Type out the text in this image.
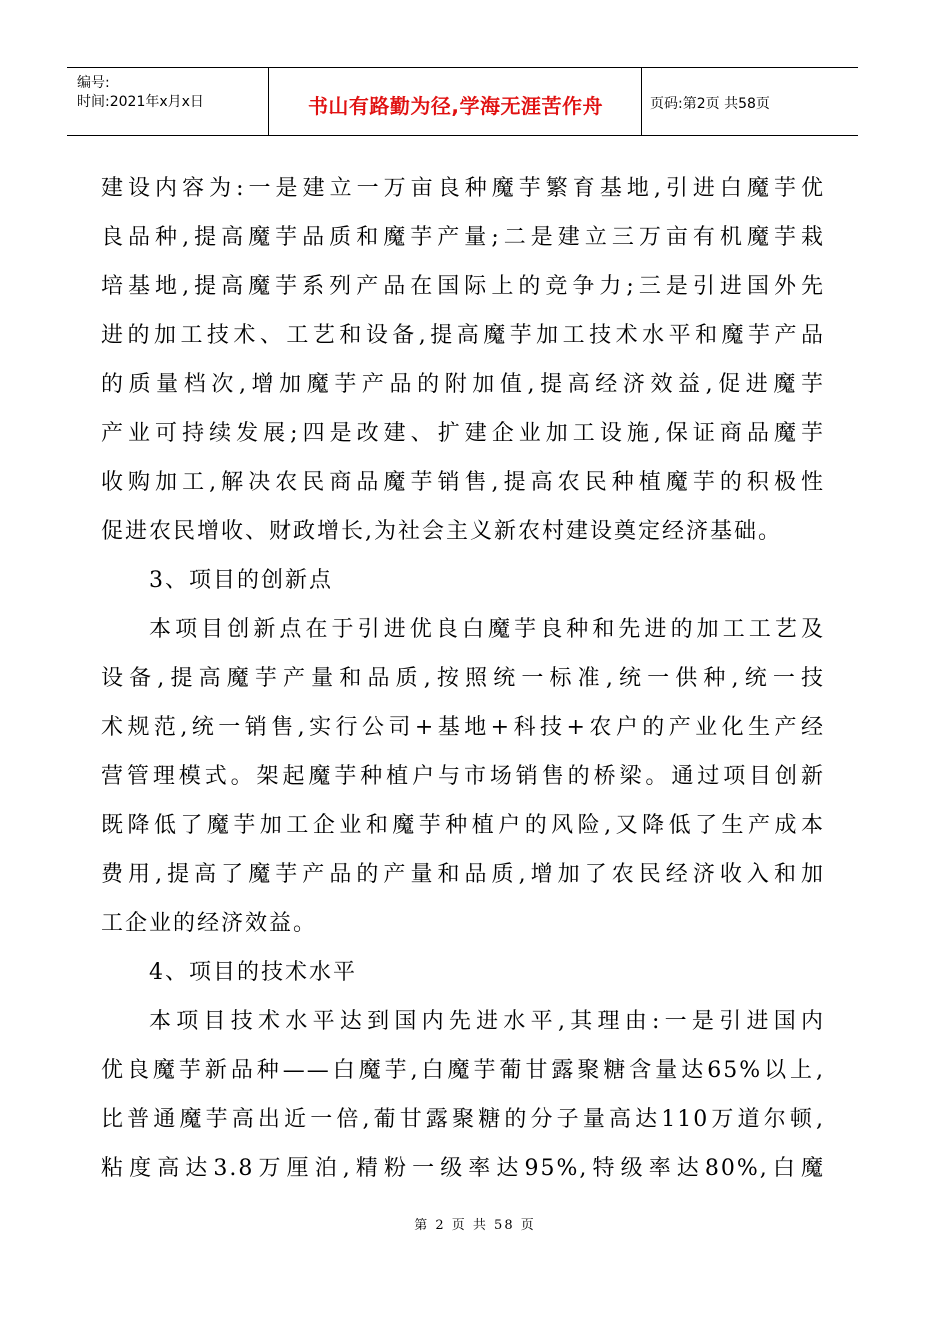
编号:
时间:2021年x月x日	书山有路勤为径,学海无涯苦作舟	页码:第2页 共58页
建设内容为:一是建立一万亩良种魔芋繁育基地,引进白魔芋优
良品种,提高魔芋品质和魔芋产量;二是建立三万亩有机魔芋栽
培基地,提高魔芋系列产品在国际上的竞争力;三是引进国外先
进的加工技术、工艺和设备,提高魔芋加工技术水平和魔芋产品
的质量档次,增加魔芋产品的附加值,提高经济效益,促进魔芋
产业可持续发展;四是改建、扩建企业加工设施,保证商品魔芋
收购加工,解决农民商品魔芋销售,提高农民种植魔芋的积极性
促进农民增收、财政增长,为社会主义新农村建设奠定经济基础。
3、项目的创新点
本项目创新点在于引进优良白魔芋良种和先进的加工工艺及
设备,提高魔芋产量和品质,按照统一标准,统一供种,统一技
术规范,统一销售,实行公司+基地+科技+农户的产业化生产经
营管理模式。架起魔芋种植户与市场销售的桥梁。通过项目创新
既降低了魔芋加工企业和魔芋种植户的风险,又降低了生产成本
费用,提高了魔芋产品的产量和品质,增加了农民经济收入和加
工企业的经济效益。
4、项目的技术水平
本项目技术水平达到国内先进水平,其理由:一是引进国内
优良魔芋新品种——白魔芋,白魔芋葡甘露聚糖含量达65%以上,
比普通魔芋高出近一倍,葡甘露聚糖的分子量高达110万道尔顿,
粘度高达3.8万厘泊,精粉一级率达95%,特级率达80%,白魔
第 2 页 共 58 页
